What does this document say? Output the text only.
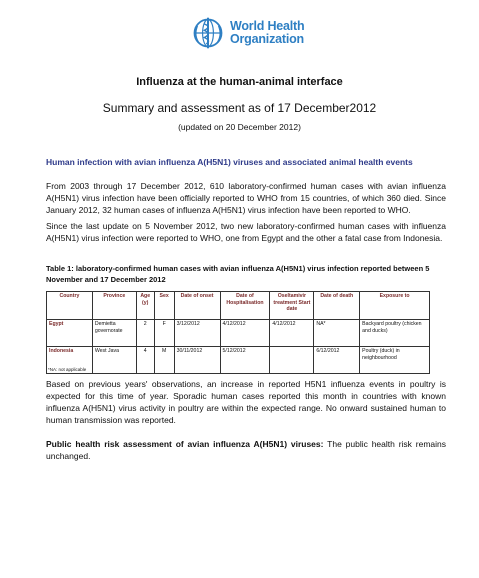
World Health
Organization
Influenza at the human-animal interface
Summary and assessment as of 17 December2012
(updated on 20 December 2012)
Human infection with avian influenza A(H5N1) viruses and associated animal health events
From 2003 through 17 December 2012, 610 laboratory-confirmed human cases with avian influenza A(H5N1) virus infection have been officially reported to WHO from 15 countries, of which 360 died. Since January 2012, 32 human cases of influenza A(H5N1) virus infection have been reported to WHO.
Since the last update on 5 November 2012, two new laboratory-confirmed human cases with influenza A(H5N1) virus infection were reported to WHO, one from Egypt and the other a fatal case from Indonesia.
Table 1: laboratory-confirmed human cases with avian influenza A(H5N1) virus infection reported between 5 November and 17 December 2012
Country	Province	Age (y)	Sex	Date of onset	Date of Hospitalisation	Oseltamivir treatment Start date	Date of death	Exposure to
Egypt	Demietta governorate	2	F	3/12/2012	4/12/2012	4/12/2012	NA*	Backyard poultry (chicken and ducks)
Indonesia	West Java	4	M	30/11/2012	5/12/2012		6/12/2012	Poultry (duck) in neighbourhood
*NA: not applicable
Based on previous years' observations, an increase in reported H5N1 influenza events in poultry is expected for this time of year. Sporadic human cases reported this month in countries with known influenza A(H5N1) virus activity in poultry are within the expected range. No onward sustained human to human transmission was reported.
Public health risk assessment of avian influenza A(H5N1) viruses: The public health risk remains unchanged.
